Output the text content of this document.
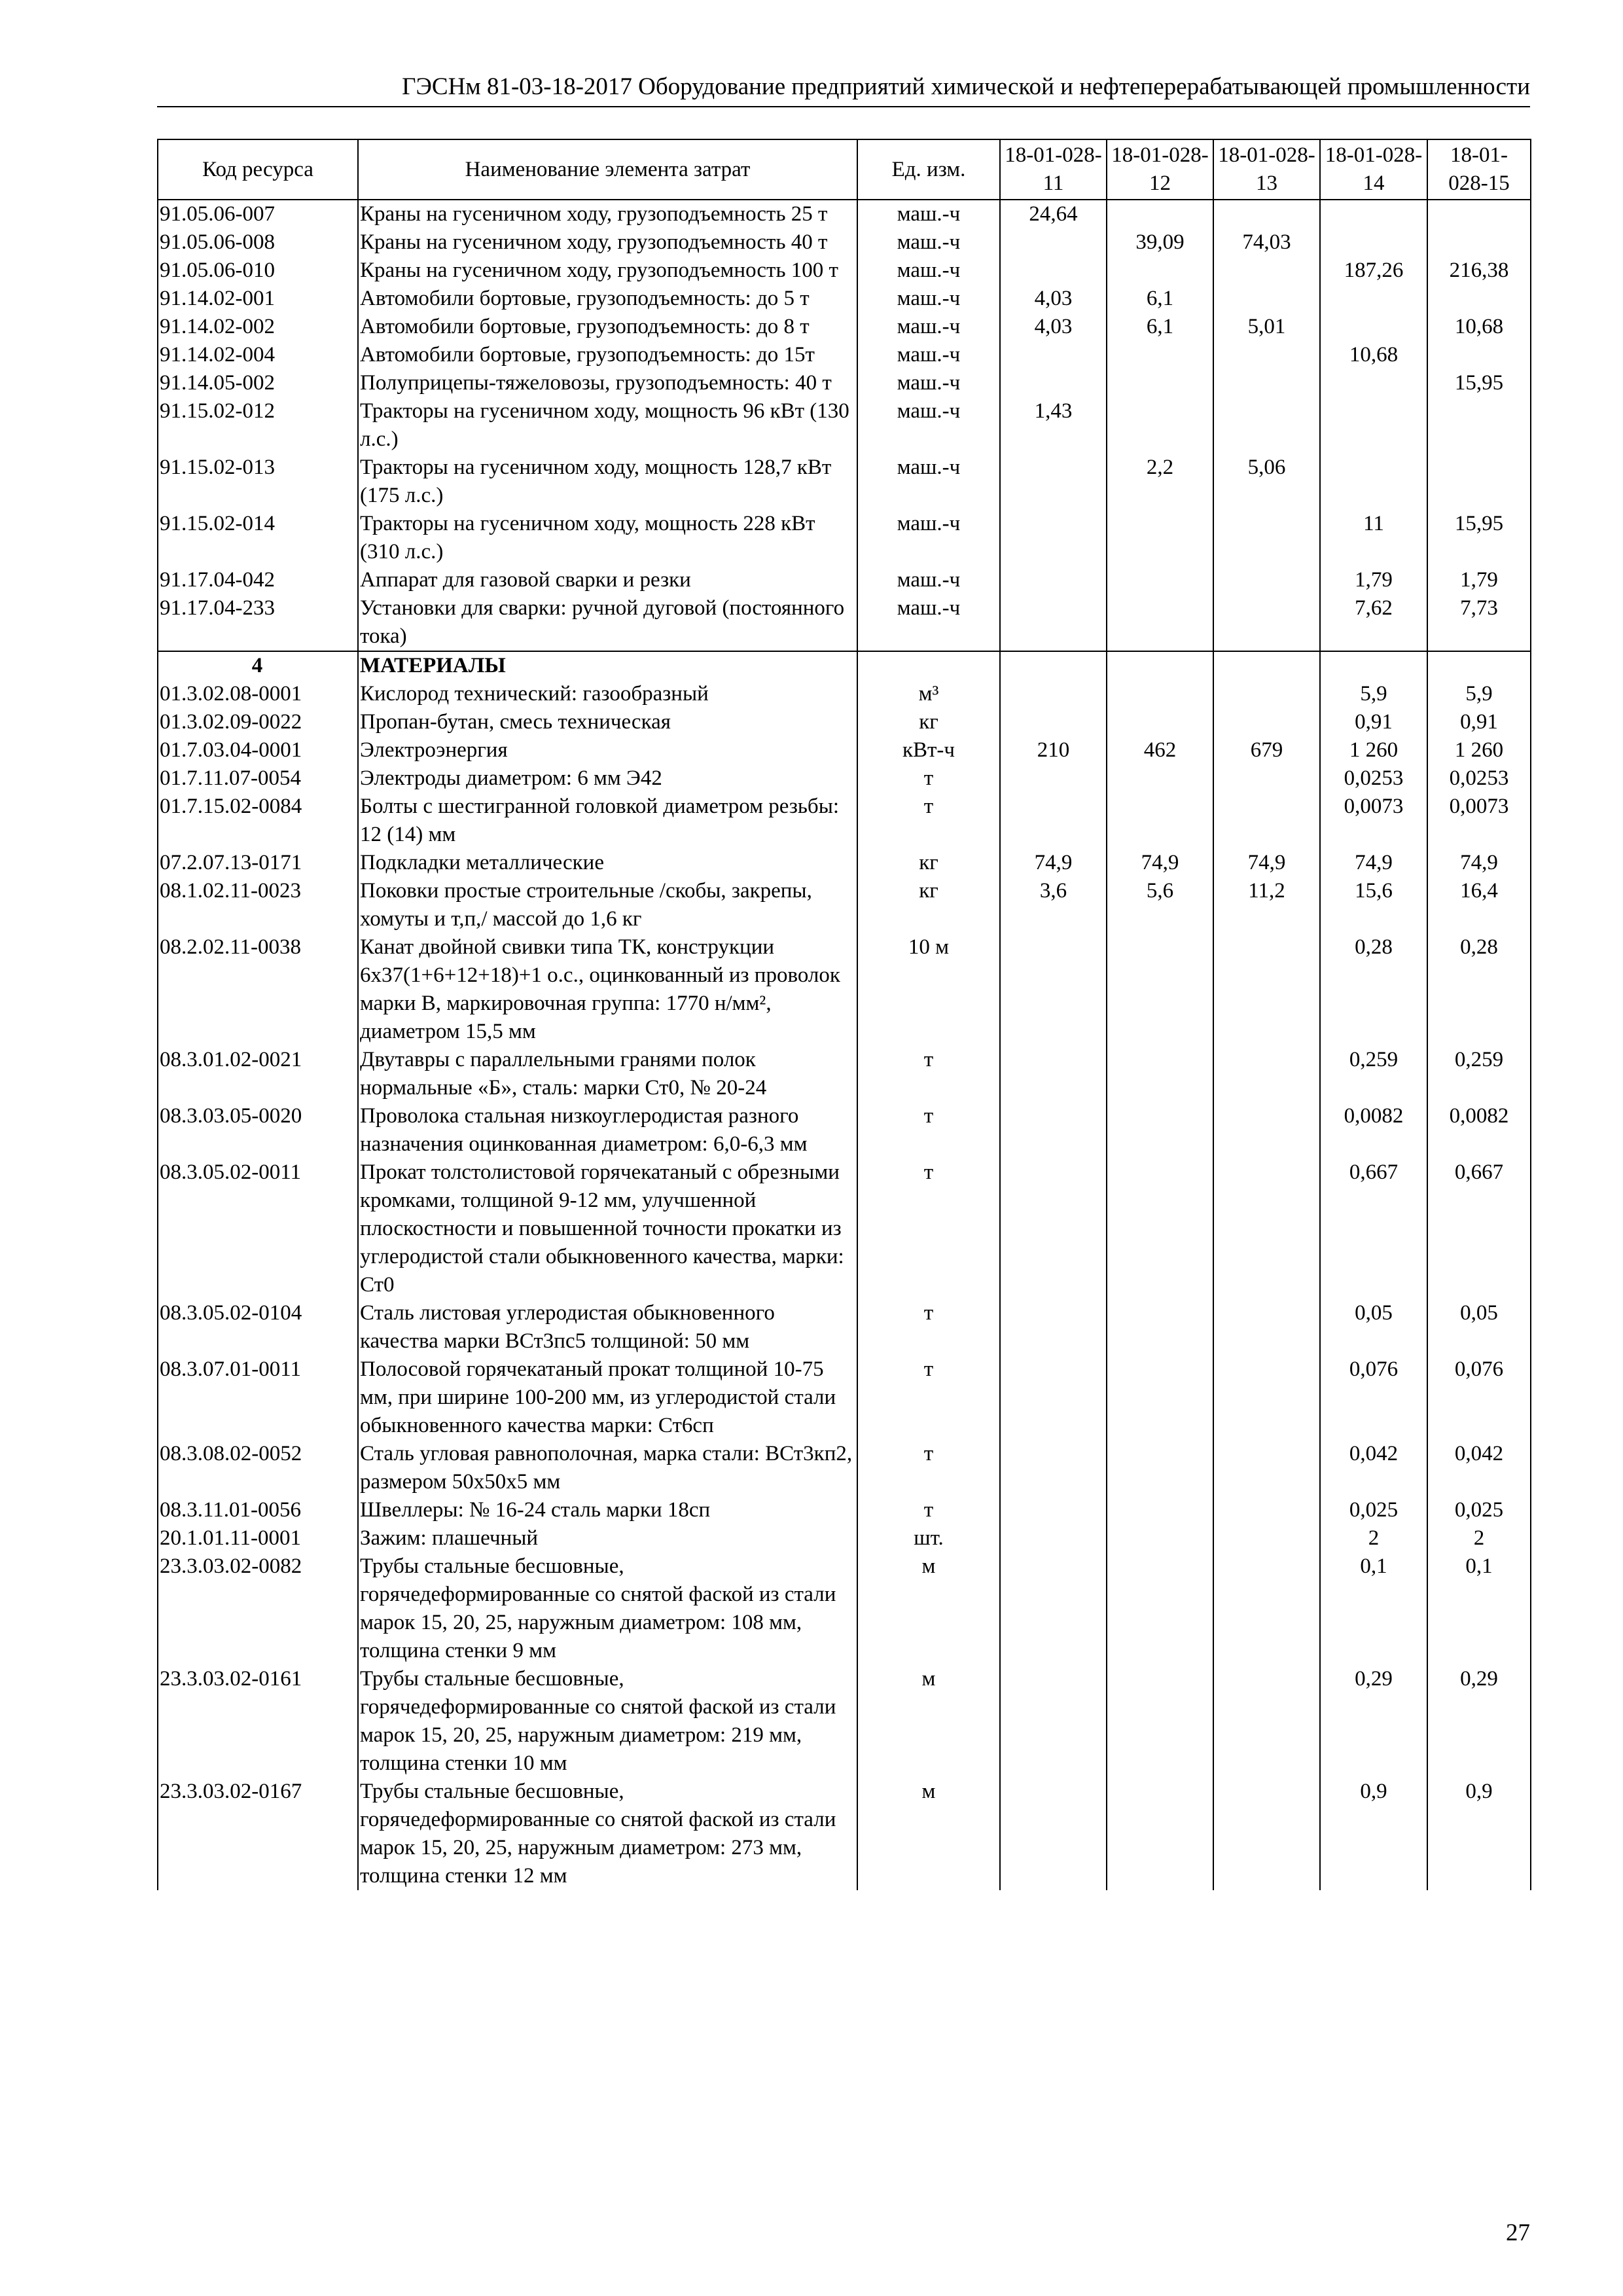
ГЭСНм 81-03-18-2017 Оборудование предприятий химической и нефтеперерабатывающей промышленности
Код ресурса	Наименование элемента затрат	Ед. изм.	18-01-028-11	18-01-028-12	18-01-028-13	18-01-028-14	18-01-028-15
91.05.06-007	Краны на гусеничном ходу, грузоподъемность 25 т	маш.-ч	24,64				
91.05.06-008	Краны на гусеничном ходу, грузоподъемность 40 т	маш.-ч		39,09	74,03		
91.05.06-010	Краны на гусеничном ходу, грузоподъемность 100 т	маш.-ч				187,26	216,38
91.14.02-001	Автомобили бортовые, грузоподъемность: до 5 т	маш.-ч	4,03	6,1			
91.14.02-002	Автомобили бортовые, грузоподъемность: до 8 т	маш.-ч	4,03	6,1	5,01		10,68
91.14.02-004	Автомобили бортовые, грузоподъемность: до 15т	маш.-ч				10,68	
91.14.05-002	Полуприцепы-тяжеловозы, грузоподъемность: 40 т	маш.-ч					15,95
91.15.02-012	Тракторы на гусеничном ходу, мощность 96 кВт (130 л.с.)	маш.-ч	1,43				
91.15.02-013	Тракторы на гусеничном ходу, мощность 128,7 кВт (175 л.с.)	маш.-ч		2,2	5,06		
91.15.02-014	Тракторы на гусеничном ходу, мощность 228 кВт (310 л.с.)	маш.-ч				11	15,95
91.17.04-042	Аппарат для газовой сварки и резки	маш.-ч				1,79	1,79
91.17.04-233	Установки для сварки: ручной дуговой (постоянного тока)	маш.-ч				7,62	7,73
4	МАТЕРИАЛЫ						
01.3.02.08-0001	Кислород технический: газообразный	м³				5,9	5,9
01.3.02.09-0022	Пропан-бутан, смесь техническая	кг				0,91	0,91
01.7.03.04-0001	Электроэнергия	кВт-ч	210	462	679	1 260	1 260
01.7.11.07-0054	Электроды диаметром: 6 мм Э42	т				0,0253	0,0253
01.7.15.02-0084	Болты с шестигранной головкой диаметром резьбы: 12 (14) мм	т				0,0073	0,0073
07.2.07.13-0171	Подкладки металлические	кг	74,9	74,9	74,9	74,9	74,9
08.1.02.11-0023	Поковки простые строительные /скобы, закрепы, хомуты и т,п,/ массой до 1,6 кг	кг	3,6	5,6	11,2	15,6	16,4
08.2.02.11-0038	Канат двойной свивки типа ТК, конструкции 6х37(1+6+12+18)+1 о.с., оцинкованный из проволок марки В, маркировочная группа: 1770 н/мм², диаметром 15,5 мм	10 м				0,28	0,28
08.3.01.02-0021	Двутавры с параллельными гранями полок нормальные «Б», сталь: марки Ст0, № 20-24	т				0,259	0,259
08.3.03.05-0020	Проволока стальная низкоуглеродистая разного назначения оцинкованная диаметром: 6,0-6,3 мм	т				0,0082	0,0082
08.3.05.02-0011	Прокат толстолистовой горячекатаный с обрезными кромками, толщиной 9-12 мм, улучшенной плоскостности и повышенной точности прокатки из углеродистой стали обыкновенного качества, марки: Ст0	т				0,667	0,667
08.3.05.02-0104	Сталь листовая углеродистая обыкновенного качества марки ВСт3пс5 толщиной: 50 мм	т				0,05	0,05
08.3.07.01-0011	Полосовой горячекатаный прокат толщиной 10-75 мм, при ширине 100-200 мм, из углеродистой стали обыкновенного качества марки: Ст6сп	т				0,076	0,076
08.3.08.02-0052	Сталь угловая равнополочная, марка стали: ВСт3кп2, размером 50х50х5 мм	т				0,042	0,042
08.3.11.01-0056	Швеллеры: № 16-24 сталь марки 18сп	т				0,025	0,025
20.1.01.11-0001	Зажим: плашечный	шт.				2	2
23.3.03.02-0082	Трубы стальные бесшовные, горячедеформированные со снятой фаской из стали марок 15, 20, 25, наружным диаметром: 108 мм, толщина стенки 9 мм	м				0,1	0,1
23.3.03.02-0161	Трубы стальные бесшовные, горячедеформированные со снятой фаской из стали марок 15, 20, 25, наружным диаметром: 219 мм, толщина стенки 10 мм	м				0,29	0,29
23.3.03.02-0167	Трубы стальные бесшовные, горячедеформированные со снятой фаской из стали марок 15, 20, 25, наружным диаметром: 273 мм, толщина стенки 12 мм	м				0,9	0,9
27
